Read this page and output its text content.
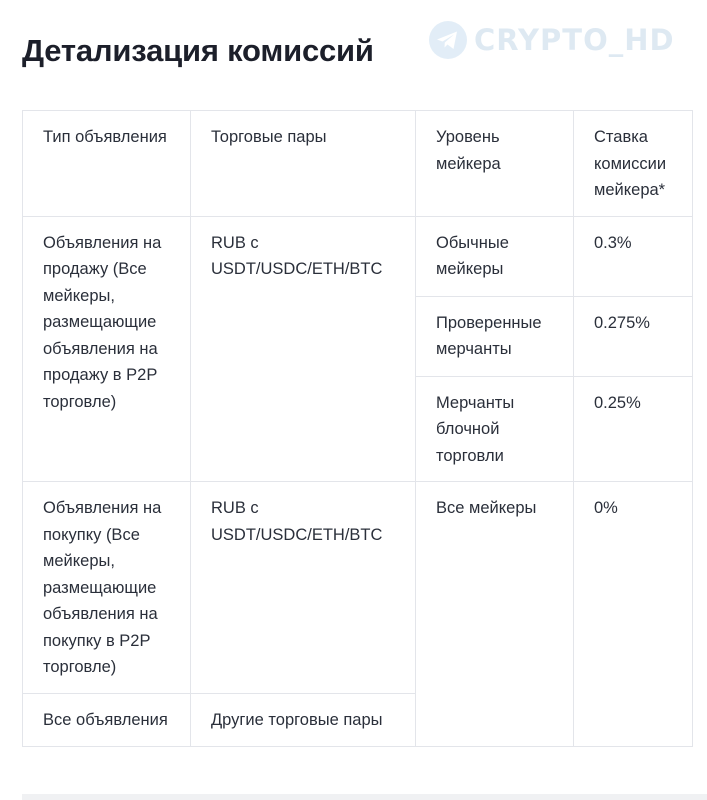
Детализация комиссий	CRYPTO_HD
Тип объявления	Торговые пары	Уровень мейкера	Ставка комиссии мейкера*
Объявления на продажу (Все мейкеры, размещающие объявления на продажу в P2P торговле)	RUB с USDT/USDC/ETH/BTC	Обычные мейкеры	0.3%
		Проверенные мерчанты	0.275%
		Мерчанты блочной торговли	0.25%
Объявления на покупку (Все мейкеры, размещающие объявления на покупку в P2P торговле)	RUB с USDT/USDC/ETH/BTC	Все мейкеры	0%
Все объявления	Другие торговые пары		
